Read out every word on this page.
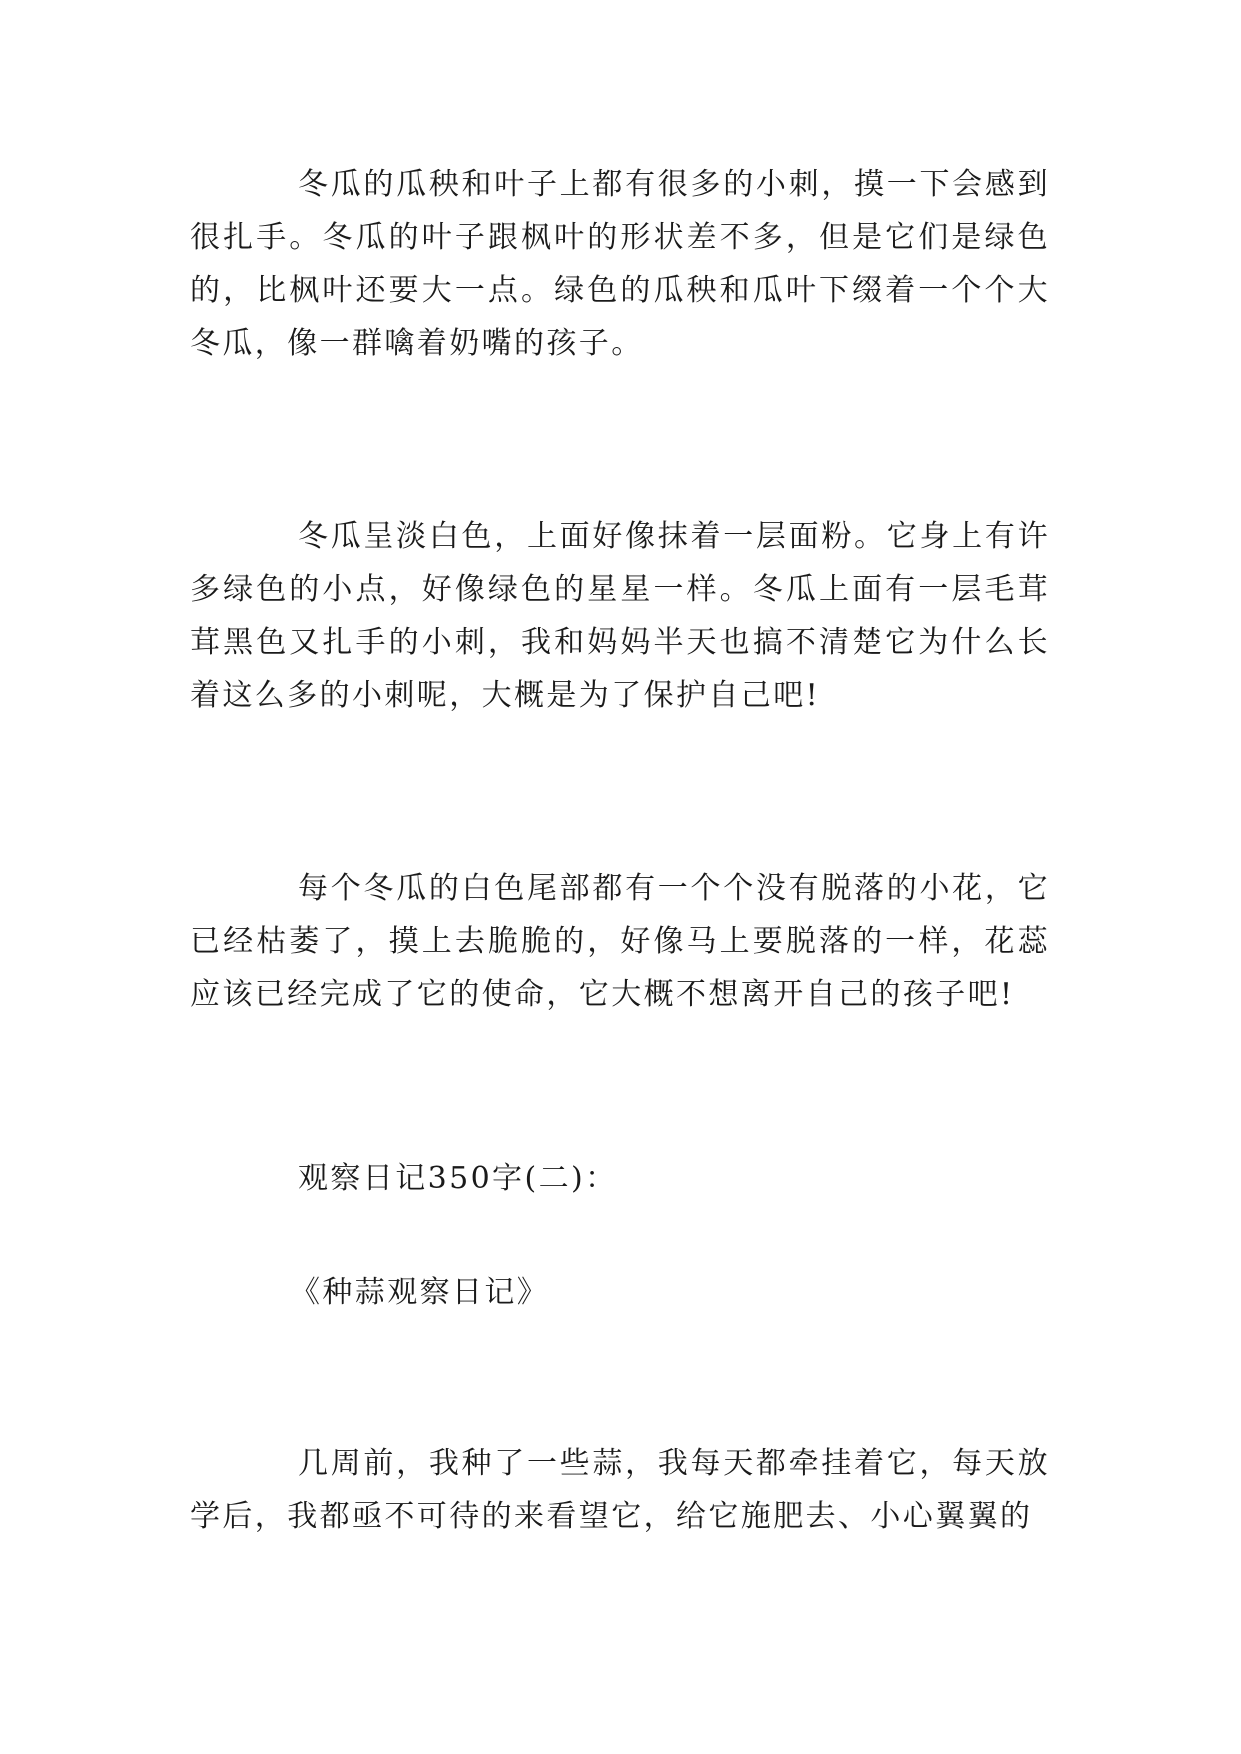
冬瓜的瓜秧和叶子上都有很多的小刺，摸一下会感到很扎手。冬瓜的叶子跟枫叶的形状差不多，但是它们是绿色的，比枫叶还要大一点。绿色的瓜秧和瓜叶下缀着一个个大冬瓜，像一群噙着奶嘴的孩子。

冬瓜呈淡白色，上面好像抹着一层面粉。它身上有许多绿色的小点，好像绿色的星星一样。冬瓜上面有一层毛茸茸黑色又扎手的小刺，我和妈妈半天也搞不清楚它为什么长着这么多的小刺呢，大概是为了保护自己吧!

每个冬瓜的白色尾部都有一个个没有脱落的小花，它已经枯萎了，摸上去脆脆的，好像马上要脱落的一样，花蕊应该已经完成了它的使命，它大概不想离开自己的孩子吧!

观察日记350字(二)：

《种蒜观察日记》

几周前，我种了一些蒜，我每天都牵挂着它，每天放学后，我都亟不可待的来看望它，给它施肥去、小心翼翼的
